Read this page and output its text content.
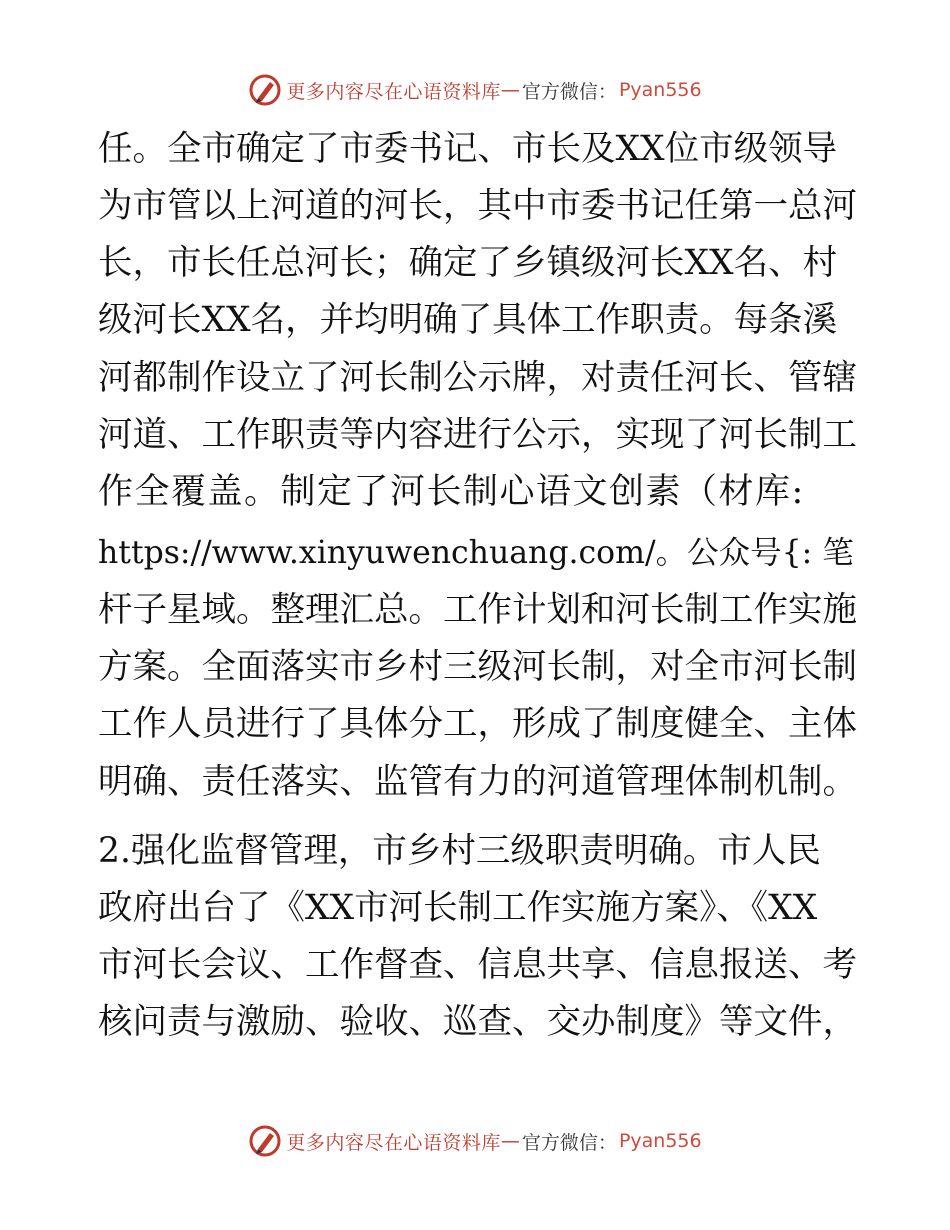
更多内容尽在心语资料库 — 官方微信： Pyan556
任。全市确定了市委书记、市长及XX位市级领导
为市管以上河道的河长，其中市委书记任第一总河
长，市长任总河长；确定了乡镇级河长XX名、村
级河长XX名，并均明确了具体工作职责。每条溪
河都制作设立了河长制公示牌，对责任河长、管辖
河道、工作职责等内容进行公示，实现了河长制工
作全覆盖。制定了河长制心语文创素（材库:
https://www.xinyuwenchuang.com/。公众号{: 笔
杆子星域。整理汇总。工作计划和河长制工作实施
方案。全面落实市乡村三级河长制，对全市河长制
工作人员进行了具体分工，形成了制度健全、主体
明确、责任落实、监管有力的河道管理体制机制。
2.强化监督管理，市乡村三级职责明确。市人民
政府出台了《XX市河长制工作实施方案》、《XX
市河长会议、工作督查、信息共享、信息报送、考
核问责与激励、验收、巡查、交办制度》等文件，
更多内容尽在心语资料库 — 官方微信： Pyan556
